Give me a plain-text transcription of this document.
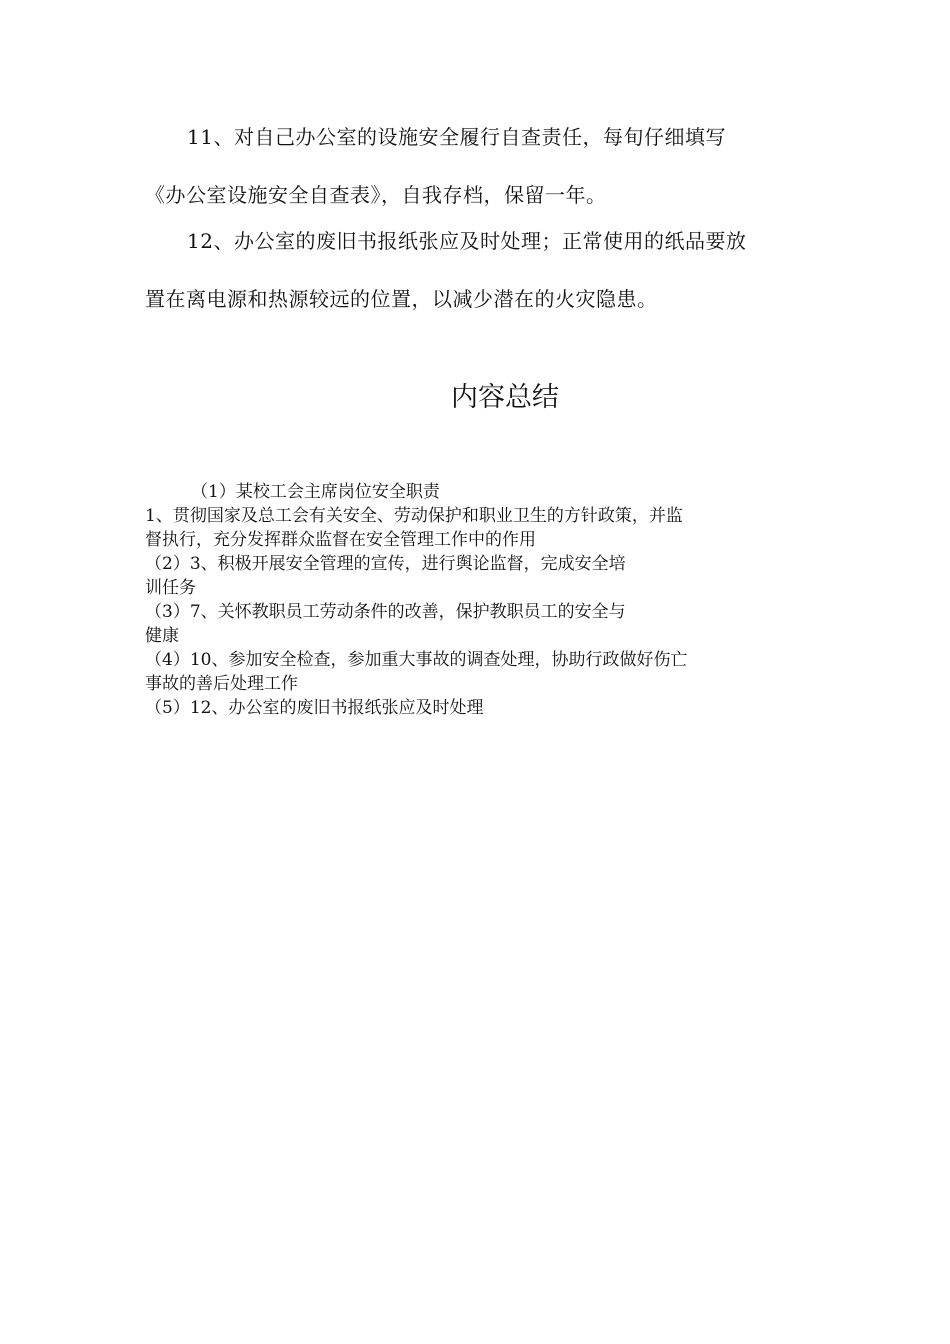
11、对自己办公室的设施安全履行自查责任，每旬仔细填写
《办公室设施安全自查表》，自我存档，保留一年。

12、办公室的废旧书报纸张应及时处理；正常使用的纸品要放
置在离电源和热源较远的位置，以减少潜在的火灾隐患。

内容总结
（1）某校工会主席岗位安全职责
1、贯彻国家及总工会有关安全、劳动保护和职业卫生的方针政策，并监
督执行，充分发挥群众监督在安全管理工作中的作用
（2）3、积极开展安全管理的宣传，进行舆论监督，完成安全培
训任务
（3）7、关怀教职员工劳动条件的改善，保护教职员工的安全与
健康
（4）10、参加安全检查，参加重大事故的调查处理，协助行政做好伤亡
事故的善后处理工作
（5）12、办公室的废旧书报纸张应及时处理
